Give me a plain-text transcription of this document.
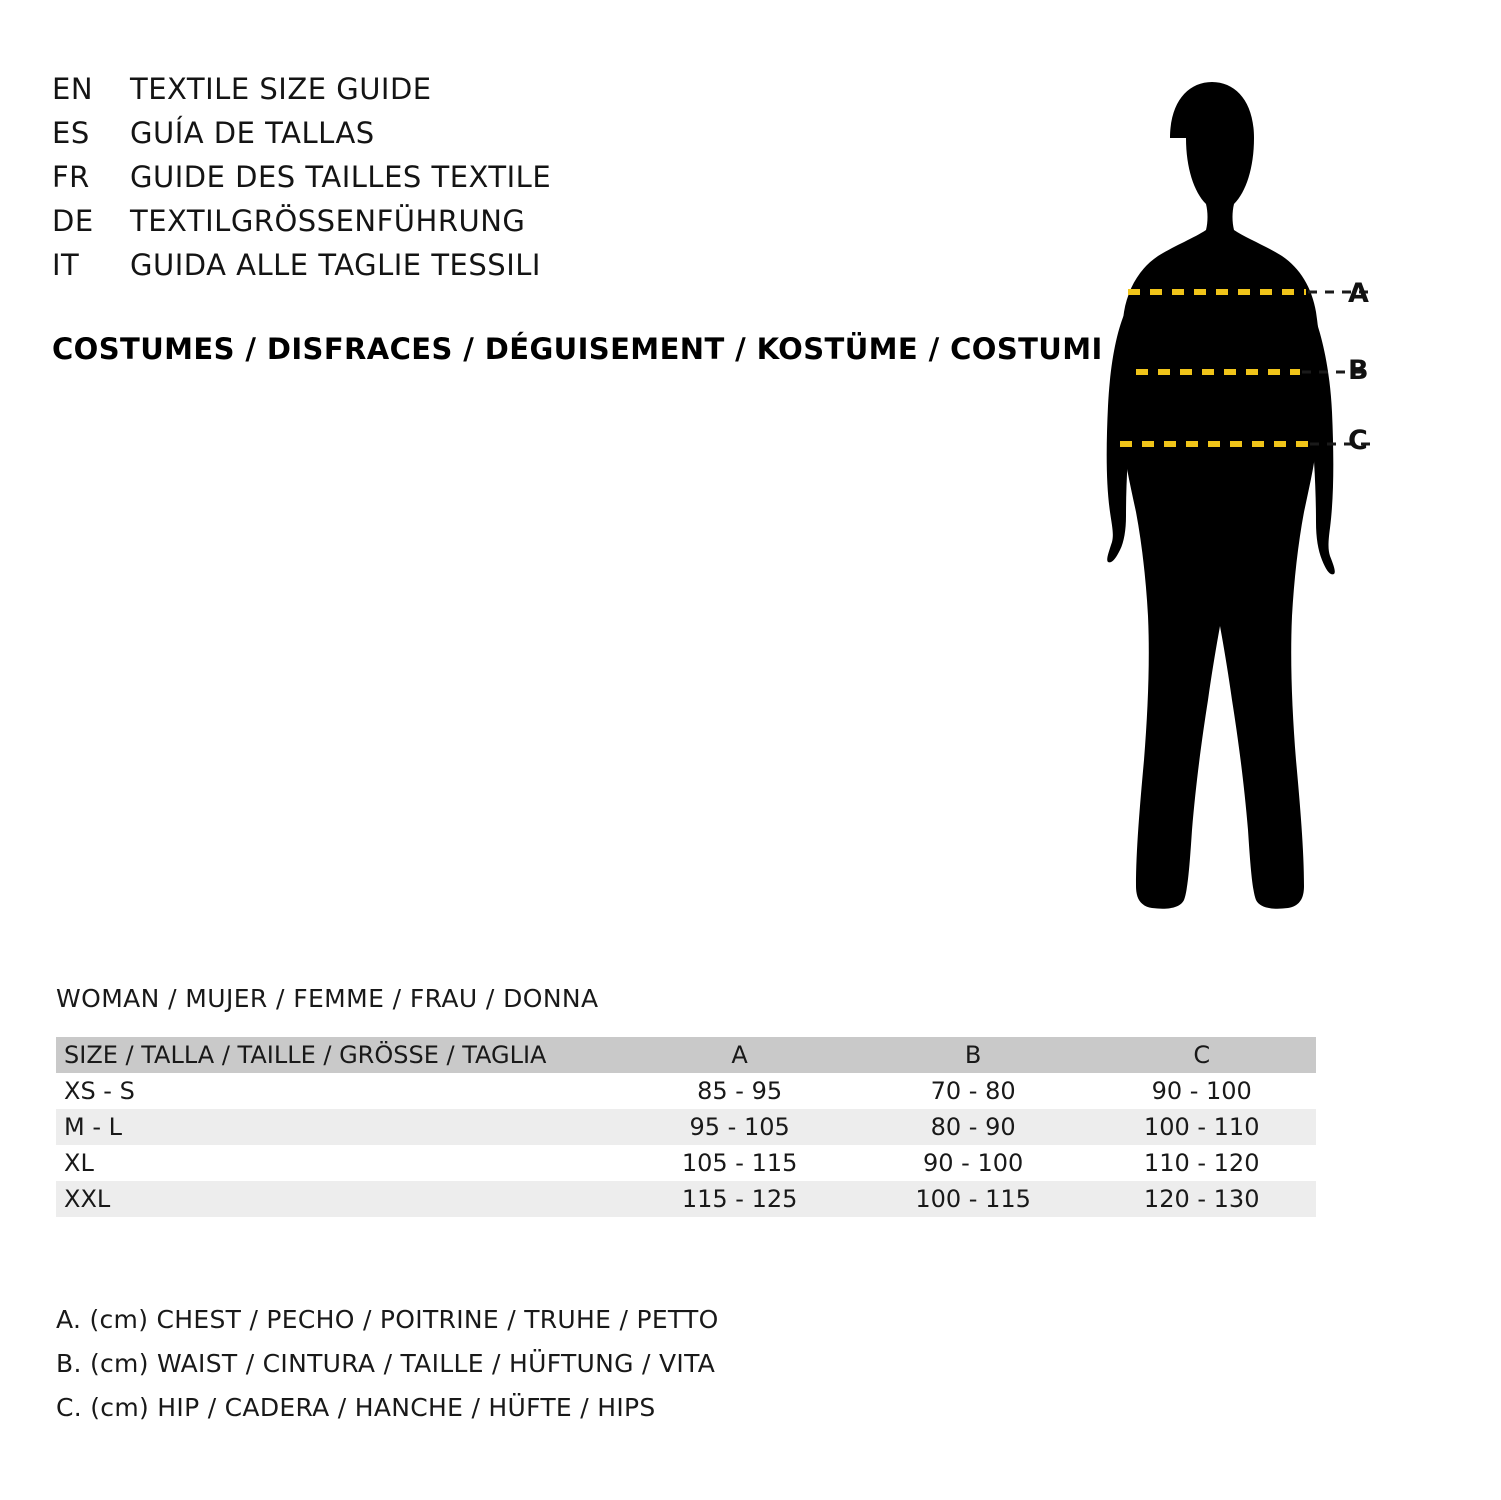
EN	TEXTILE SIZE GUIDE
ES	GUÍA DE TALLAS
FR	GUIDE DES TAILLES TEXTILE
DE	TEXTILGRÖSSENFÜHRUNG
IT	GUIDA ALLE TAGLIE TESSILI
COSTUMES / DISFRACES / DÉGUISEMENT / KOSTÜME / COSTUMI
A
B
C
WOMAN / MUJER / FEMME / FRAU / DONNA
SIZE / TALLA / TAILLE / GRÖSSE / TAGLIA	A	B	C
XS - S	85 - 95	70 - 80	90 - 100
M - L	95 - 105	80 - 90	100 - 110
XL	105 - 115	90 - 100	110 - 120
XXL	115 - 125	100 - 115	120 - 130
A. (cm) CHEST / PECHO / POITRINE / TRUHE / PETTO
B. (cm) WAIST / CINTURA / TAILLE / HÜFTUNG / VITA
C. (cm) HIP / CADERA / HANCHE / HÜFTE / HIPS
